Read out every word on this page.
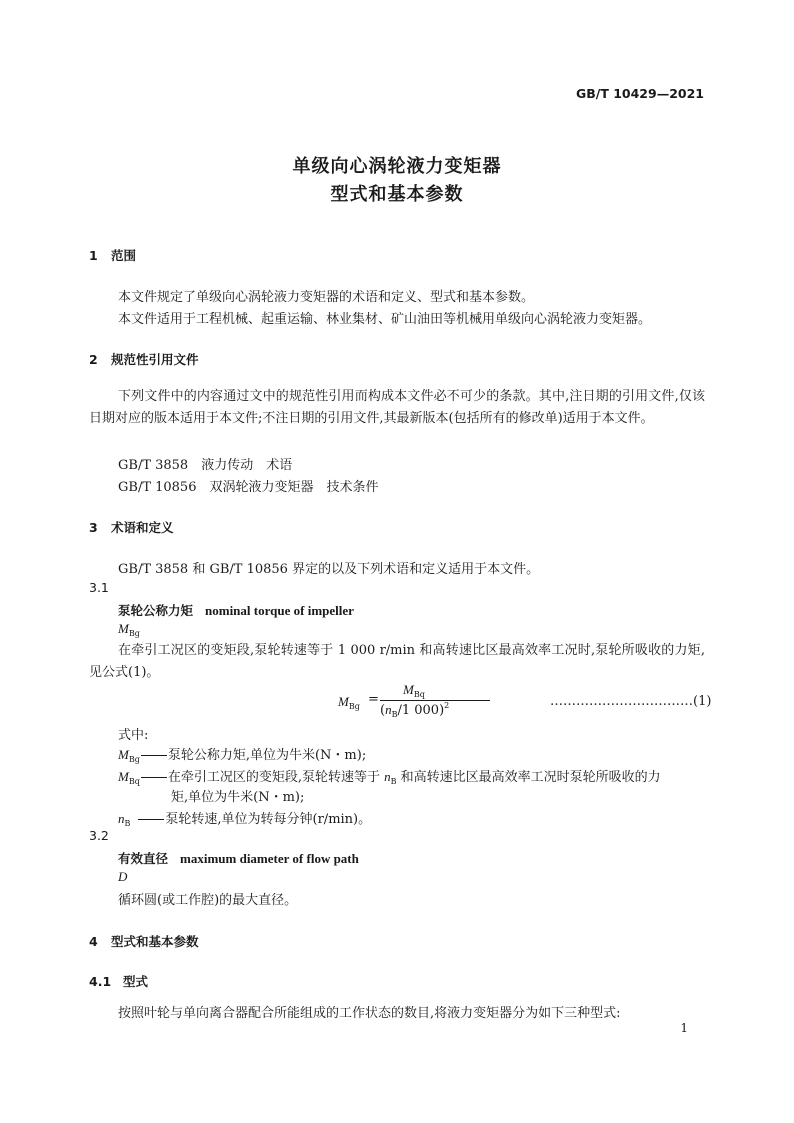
GB/T 10429—2021
单级向心涡轮液力变矩器
型式和基本参数
1 范围
本文件规定了单级向心涡轮液力变矩器的术语和定义、型式和基本参数。
本文件适用于工程机械、起重运输、林业集材、矿山油田等机械用单级向心涡轮液力变矩器。
2 规范性引用文件
下列文件中的内容通过文中的规范性引用而构成本文件必不可少的条款。其中,注日期的引用文件,仅该日期对应的版本适用于本文件;不注日期的引用文件,其最新版本(包括所有的修改单)适用于本文件。
GB/T 3858　液力传动　术语
GB/T 10856　双涡轮液力变矩器　技术条件
3 术语和定义
GB/T 3858 和 GB/T 10856 界定的以及下列术语和定义适用于本文件。
3.1
泵轮公称力矩 nominal torque of impeller
$M_{Bg}$
在牵引工况区的变矩段,泵轮转速等于 1 000 r/min 和高转速比区最高效率工况时,泵轮所吸收的力矩,见公式(1)。
$M_{Bg}$ =
$M_{Bq}$
($n_B/1$ 000)$^2$	……………………………(1)
式中:
$M_{Bg}$ 泵轮公称力矩,单位为牛米(N・m);
$M_{Bq}$ 在牵引工况区的变矩段,泵轮转速等于 $n_B$ 和高转速比区最高效率工况时泵轮所吸收的力
矩,单位为牛米(N・m);
$n_B$	泵轮转速,单位为转每分钟(r/min)。
3.2
有效直径 maximum diameter of flow path
D
循环圆(或工作腔)的最大直径。
4 型式和基本参数
4.1 型式
按照叶轮与单向离合器配合所能组成的工作状态的数目,将液力变矩器分为如下三种型式:
1
